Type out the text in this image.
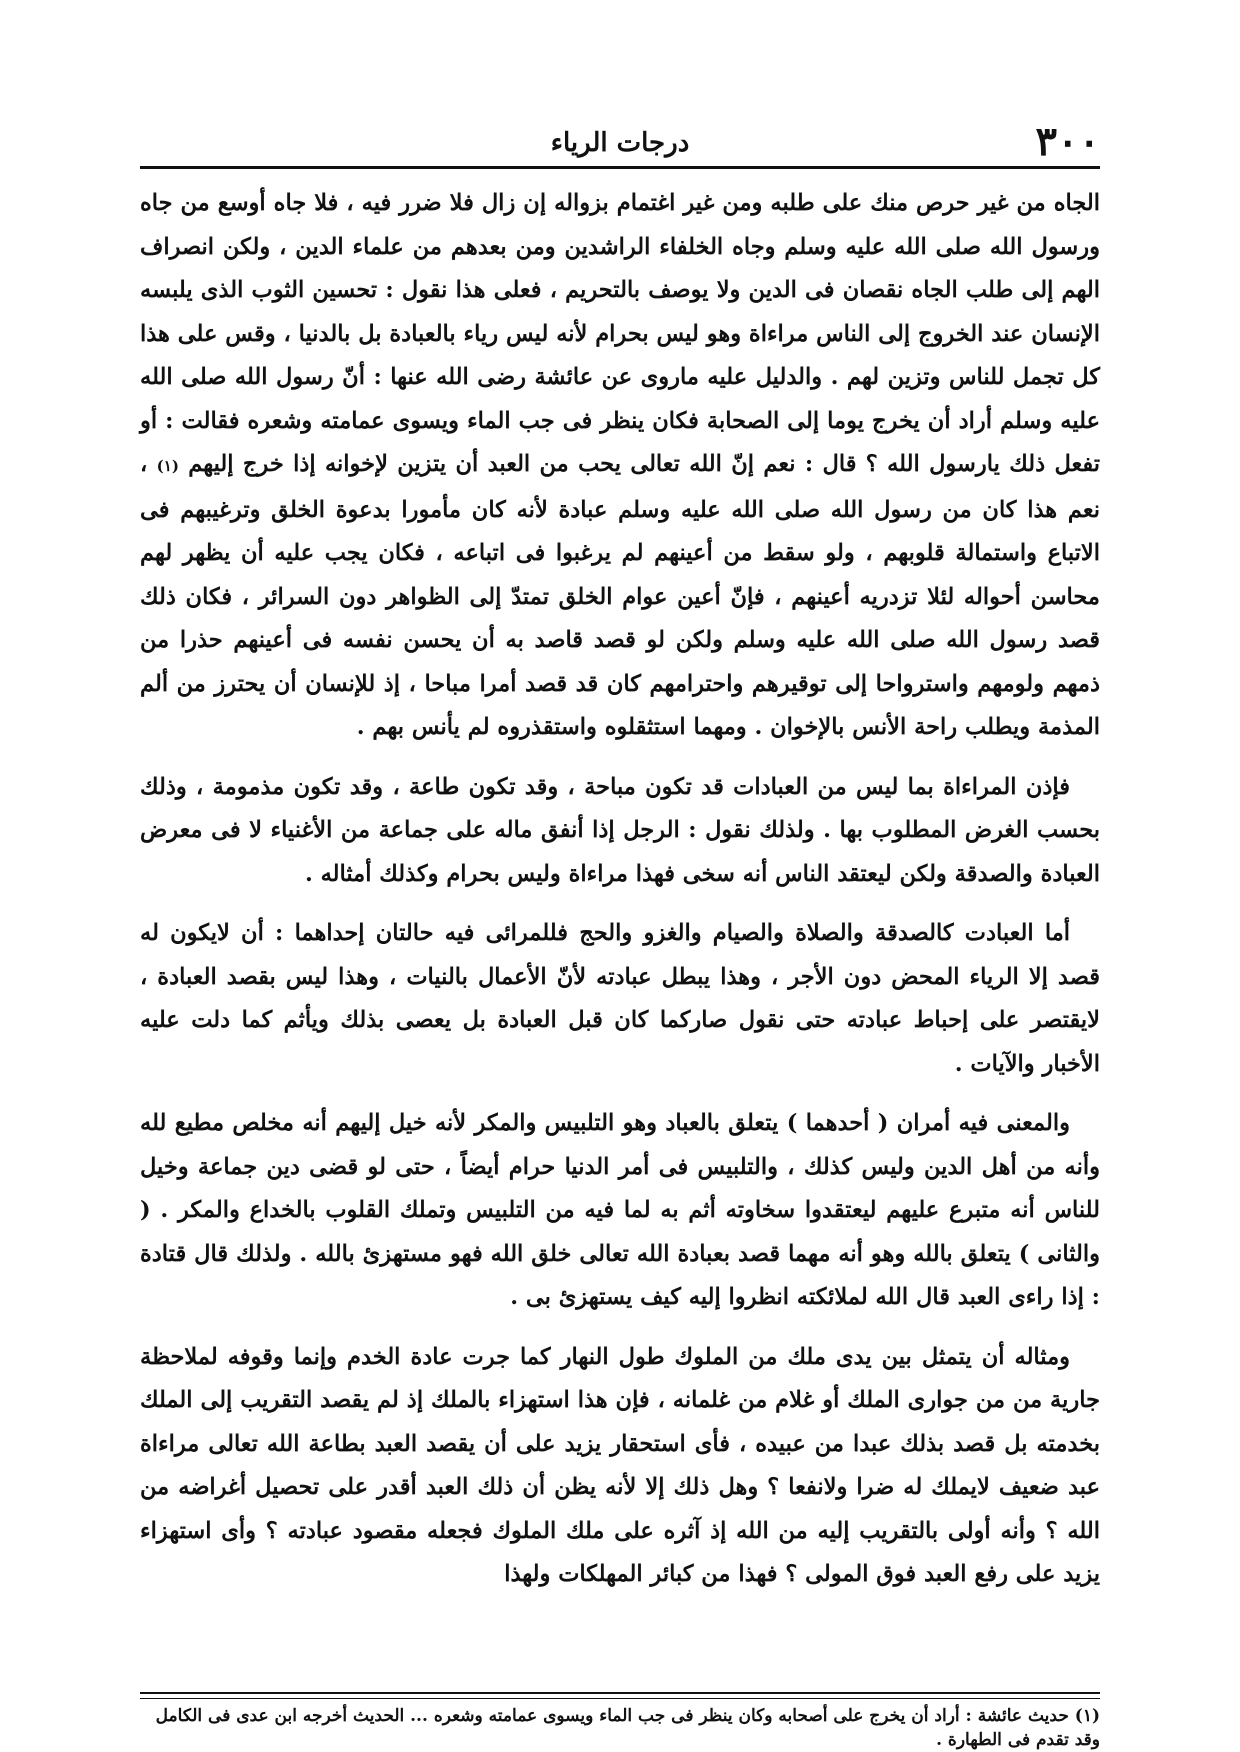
٣٠٠
درجات الرياء

الجاه من غير حرص منك على طلبه ومن غير اغتمام بزواله إن زال فلا ضرر فيه ، فلا جاه أوسع من جاه ورسول الله صلى الله عليه وسلم وجاه الخلفاء الراشدين ومن بعدهم من علماء الدين ، ولكن انصراف الهم إلى طلب الجاه نقصان فى الدين ولا يوصف بالتحريم ، فعلى هذا نقول : تحسين الثوب الذى يلبسه الإنسان عند الخروج إلى الناس مراءاة وهو ليس بحرام لأنه ليس رياء بالعبادة بل بالدنيا ، وقس على هذا كل تجمل للناس وتزين لهم . والدليل عليه ماروى عن عائشة رضى الله عنها : أنّ رسول الله صلى الله عليه وسلم أراد أن يخرج يوما إلى الصحابة فكان ينظر فى جب الماء ويسوى عمامته وشعره فقالت : أو تفعل ذلك يارسول الله ؟ قال : نعم إنّ الله تعالى يحب من العبد أن يتزين لإخوانه إذا خرج إليهم (١) ، نعم هذا كان من رسول الله صلى الله عليه وسلم عبادة لأنه كان مأمورا بدعوة الخلق وترغيبهم فى الاتباع واستمالة قلوبهم ، ولو سقط من أعينهم لم يرغبوا فى اتباعه ، فكان يجب عليه أن يظهر لهم محاسن أحواله لئلا تزدريه أعينهم ، فإنّ أعين عوام الخلق تمتدّ إلى الظواهر دون السرائر ، فكان ذلك قصد رسول الله صلى الله عليه وسلم ولكن لو قصد قاصد به أن يحسن نفسه فى أعينهم حذرا من ذمهم ولومهم واسترواحا إلى توقيرهم واحترامهم كان قد قصد أمرا مباحا ، إذ للإنسان أن يحترز من ألم المذمة ويطلب راحة الأنس بالإخوان . ومهما استثقلوه واستقذروه لم يأنس بهم .

فإذن المراءاة بما ليس من العبادات قد تكون مباحة ، وقد تكون طاعة ، وقد تكون مذمومة ، وذلك بحسب الغرض المطلوب بها . ولذلك نقول : الرجل إذا أنفق ماله على جماعة من الأغنياء لا فى معرض العبادة والصدقة ولكن ليعتقد الناس أنه سخى فهذا مراءاة وليس بحرام وكذلك أمثاله .

أما العبادت كالصدقة والصلاة والصيام والغزو والحج فللمرائى فيه حالتان إحداهما : أن لايكون له قصد إلا الرياء المحض دون الأجر ، وهذا يبطل عبادته لأنّ الأعمال بالنيات ، وهذا ليس بقصد العبادة ، لايقتصر على إحباط عبادته حتى نقول صاركما كان قبل العبادة بل يعصى بذلك ويأثم كما دلت عليه الأخبار والآيات .

والمعنى فيه أمران ( أحدهما ) يتعلق بالعباد وهو التلبيس والمكر لأنه خيل إليهم أنه مخلص مطيع لله وأنه من أهل الدين وليس كذلك ، والتلبيس فى أمر الدنيا حرام أيضاً ، حتى لو قضى دين جماعة وخيل للناس أنه متبرع عليهم ليعتقدوا سخاوته أثم به لما فيه من التلبيس وتملك القلوب بالخداع والمكر . ( والثانى ) يتعلق بالله وهو أنه مهما قصد بعبادة الله تعالى خلق الله فهو مستهزئ بالله . ولذلك قال قتادة : إذا راءى العبد قال الله لملائكته انظروا إليه كيف يستهزئ بى .

ومثاله أن يتمثل بين يدى ملك من الملوك طول النهار كما جرت عادة الخدم وإنما وقوفه لملاحظة جارية من من جوارى الملك أو غلام من غلمانه ، فإن هذا استهزاء بالملك إذ لم يقصد التقريب إلى الملك بخدمته بل قصد بذلك عبدا من عبيده ، فأى استحقار يزيد على أن يقصد العبد بطاعة الله تعالى مراءاة عبد ضعيف لايملك له ضرا ولانفعا ؟ وهل ذلك إلا لأنه يظن أن ذلك العبد أقدر على تحصيل أغراضه من الله ؟ وأنه أولى بالتقريب إليه من الله إذ آثره على ملك الملوك فجعله مقصود عبادته ؟ وأى استهزاء يزيد على رفع العبد فوق المولى ؟ فهذا من كبائر المهلكات ولهذا

(١) حديث عائشة : أراد أن يخرج على أصحابه وكان ينظر فى جب الماء ويسوى عمامته وشعره ... الحديث أخرجه ابن عدى فى الكامل وقد تقدم فى الطهارة .
